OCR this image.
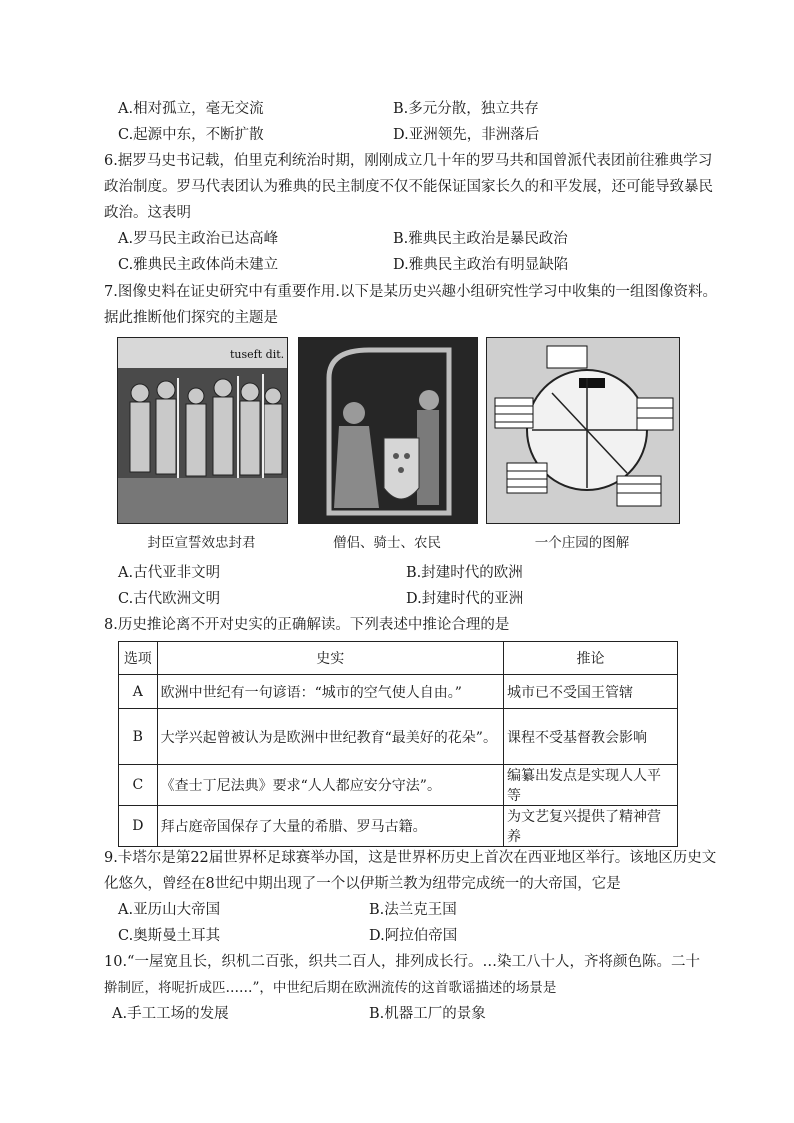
A.相对孤立，毫无交流	B.多元分散，独立共存
C.起源中东，不断扩散	D.亚洲领先，非洲落后
6.据罗马史书记载，伯里克利统治时期，刚刚成立几十年的罗马共和国曾派代表团前往雅典学习
政治制度。罗马代表团认为雅典的民主制度不仅不能保证国家长久的和平发展，还可能导致暴民
政治。这表明
A.罗马民主政治已达高峰	B.雅典民主政治是暴民政治
C.雅典民主政体尚未建立	D.雅典民主政治有明显缺陷
7.图像史料在证史研究中有重要作用.以下是某历史兴趣小组研究性学习中收集的一组图像资料。
据此推断他们探究的主题是
tuseft dit.
封臣宣誓效忠封君	僧侣、骑士、农民	一个庄园的图解
A.古代亚非文明	B.封建时代的欧洲
C.古代欧洲文明	D.封建时代的亚洲
8.历史推论离不开对史实的正确解读。下列表述中推论合理的是
选项	史实	推论
A	欧洲中世纪有一句谚语：“城市的空气使人自由。”	城市已不受国王管辖
B	大学兴起曾被认为是欧洲中世纪教育“最美好的花朵”。	课程不受基督教会影响
C	《查士丁尼法典》要求“人人都应安分守法”。	编纂出发点是实现人人平等
D	拜占庭帝国保存了大量的希腊、罗马古籍。	为文艺复兴提供了精神营养
9.卡塔尔是第22届世界杯足球赛举办国，这是世界杯历史上首次在西亚地区举行。该地区历史文
化悠久，曾经在8世纪中期出现了一个以伊斯兰教为纽带完成统一的大帝国，它是
A.亚历山大帝国	B.法兰克王国
C.奥斯曼土耳其	D.阿拉伯帝国
10.“一屋宽且长，织机二百张，织共二百人，排列成长行。…染工八十人，齐将颜色陈。二十
擀制匠，将呢折成匹……”，中世纪后期在欧洲流传的这首歌谣描述的场景是
A.手工工场的发展	B.机器工厂的景象
